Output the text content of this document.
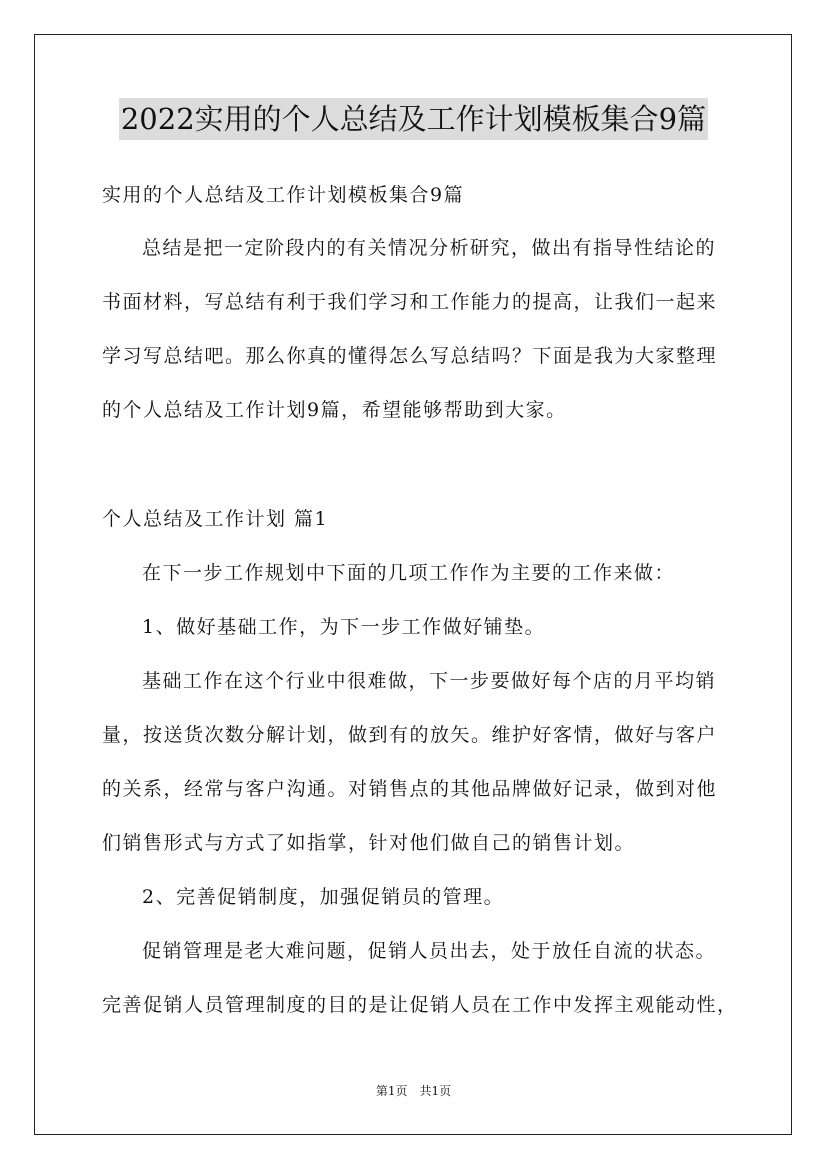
2022实用的个人总结及工作计划模板集合9篇
实用的个人总结及工作计划模板集合9篇
总结是把一定阶段内的有关情况分析研究，做出有指导性结论的
书面材料，写总结有利于我们学习和工作能力的提高，让我们一起来
学习写总结吧。那么你真的懂得怎么写总结吗？下面是我为大家整理
的个人总结及工作计划9篇，希望能够帮助到大家。
个人总结及工作计划 篇1
在下一步工作规划中下面的几项工作作为主要的工作来做：
1、做好基础工作，为下一步工作做好铺垫。
基础工作在这个行业中很难做，下一步要做好每个店的月平均销
量，按送货次数分解计划，做到有的放矢。维护好客情，做好与客户
的关系，经常与客户沟通。对销售点的其他品牌做好记录，做到对他
们销售形式与方式了如指掌，针对他们做自己的销售计划。
2、完善促销制度，加强促销员的管理。
促销管理是老大难问题，促销人员出去，处于放任自流的状态。
完善促销人员管理制度的目的是让促销人员在工作中发挥主观能动性，
第1页　共1页
